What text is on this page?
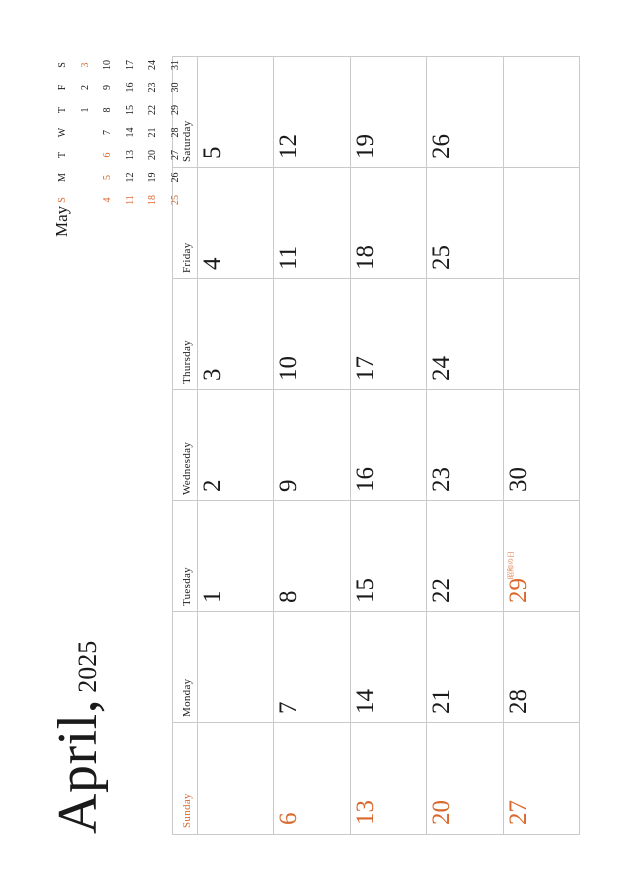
April,2025
Sunday
Monday
Tuesday
Wednesday
Thursday
Friday
Saturday
1
2
3
4
5
6
7
8
9
10
11
12
13
14
15
16
17
18
19
20
21
22
23
24
25
26
27
28
29
昭和の日
30
May
S
M
T
W
T
F
S
1
2
3
4
5
6
7
8
9
10
11
12
13
14
15
16
17
18
19
20
21
22
23
24
25
26
27
28
29
30
31
